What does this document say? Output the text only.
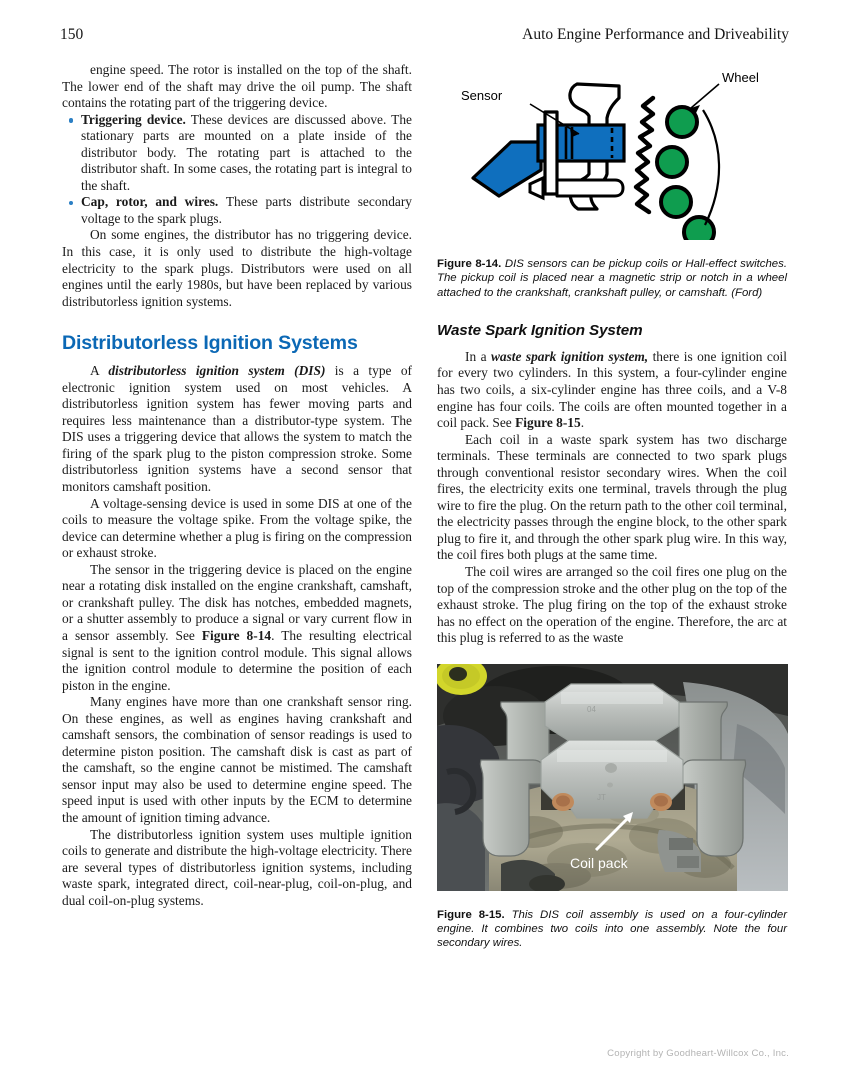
150	Auto Engine Performance and Driveability

engine speed. The rotor is installed on the top of the shaft. The lower end of the shaft may drive the oil pump. The shaft contains the rotating part of the triggering device.

Triggering device. These devices are discussed above. The stationary parts are mounted on a plate inside of the distributor body. The rotating part is attached to the distributor shaft. In some cases, the rotating part is integral to the shaft.
Cap, rotor, and wires. These parts distribute secondary voltage to the spark plugs.

On some engines, the distributor has no triggering device. In this case, it is only used to distribute the high-voltage electricity to the spark plugs. Distributors were used on all engines until the early 1980s, but have been replaced by various distributorless ignition systems.

Distributorless Ignition Systems

A distributorless ignition system (DIS) is a type of electronic ignition system used on most vehicles. A distributorless ignition system has fewer moving parts and requires less maintenance than a distributor-type system. The DIS uses a triggering device that allows the system to match the firing of the spark plug to the piston compression stroke. Some distributorless ignition systems have a second sensor that monitors camshaft position.

A voltage-sensing device is used in some DIS at one of the coils to measure the voltage spike. From the voltage spike, the device can determine whether a plug is firing on the compression or exhaust stroke.

The sensor in the triggering device is placed on the engine near a rotating disk installed on the engine crankshaft, camshaft, or crankshaft pulley. The disk has notches, embedded magnets, or a shutter assembly to produce a signal or vary current flow in a sensor assembly. See Figure 8-14. The resulting electrical signal is sent to the ignition control module. This signal allows the ignition control module to determine the position of each piston in the engine.

Many engines have more than one crankshaft sensor ring. On these engines, as well as engines having crankshaft and camshaft sensors, the combination of sensor readings is used to determine piston position. The camshaft disk is cast as part of the camshaft, so the engine cannot be mistimed. The camshaft sensor input may also be used to determine engine speed. The speed input is used with other inputs by the ECM to determine the amount of ignition timing advance.

The distributorless ignition system uses multiple ignition coils to generate and distribute the high-voltage electricity. There are several types of distributorless ignition systems, including waste spark, integrated direct, coil-near-plug, coil-on-plug, and dual coil-on-plug systems.

Sensor
Wheel

Figure 8-14. DIS sensors can be pickup coils or Hall-effect switches. The pickup coil is placed near a magnetic strip or notch in a wheel attached to the crankshaft, crankshaft pulley, or camshaft. (Ford)

Waste Spark Ignition System

In a waste spark ignition system, there is one ignition coil for every two cylinders. In this system, a four-cylinder engine has two coils, a six-cylinder engine has three coils, and a V-8 engine has four coils. The coils are often mounted together in a coil pack. See Figure 8-15.

Each coil in a waste spark system has two discharge terminals. These terminals are connected to two spark plugs through conventional resistor secondary wires. When the coil fires, the electricity exits one terminal, travels through the plug wire to fire the plug. On the return path to the other coil terminal, the electricity passes through the engine block, to the other spark plug to fire it, and through the other spark plug wire. In this way, the coil fires both plugs at the same time.

The coil wires are arranged so the coil fires one plug on the top of the compression stroke and the other plug on the top of the exhaust stroke. The plug firing on the top of the exhaust stroke has no effect on the operation of the engine. Therefore, the arc at this plug is referred to as the waste

04
JT
Coil pack

Figure 8-15. This DIS coil assembly is used on a four-cylinder engine. It combines two coils into one assembly. Note the four secondary wires.

Copyright by Goodheart-Willcox Co., Inc.
